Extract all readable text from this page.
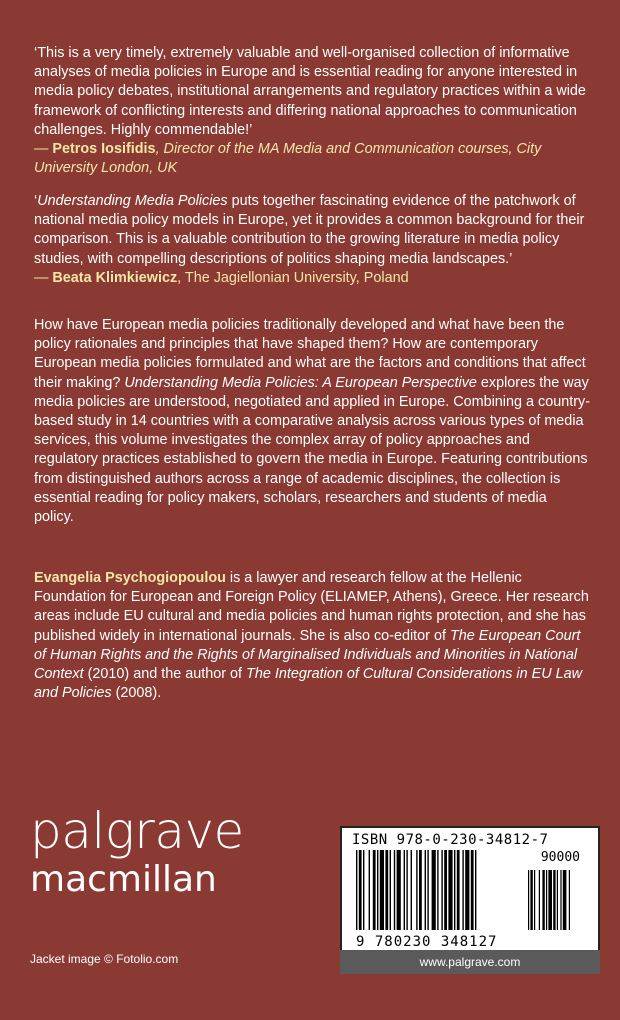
‘This is a very timely, extremely valuable and well-organised collection of informative analyses of media policies in Europe and is essential reading for anyone interested in media policy debates, institutional arrangements and regulatory practices within a wide framework of conflicting interests and differing national approaches to communication challenges. Highly commendable!’
— Petros Iosifidis, Director of the MA Media and Communication courses, City University London, UK

‘Understanding Media Policies puts together fascinating evidence of the patchwork of national media policy models in Europe, yet it provides a common background for their comparison. This is a valuable contribution to the growing literature in media policy studies, with compelling descriptions of politics shaping media landscapes.’
— Beata Klimkiewicz, The Jagiellonian University, Poland

How have European media policies traditionally developed and what have been the policy rationales and principles that have shaped them? How are contemporary European media policies formulated and what are the factors and conditions that affect their making? Understanding Media Policies: A European Perspective explores the way media policies are understood, negotiated and applied in Europe. Combining a country-based study in 14 countries with a comparative analysis across various types of media services, this volume investigates the complex array of policy approaches and regulatory practices established to govern the media in Europe. Featuring contributions from distinguished authors across a range of academic disciplines, the collection is essential reading for policy makers, scholars, researchers and students of media policy.

Evangelia Psychogiopoulou is a lawyer and research fellow at the Hellenic Foundation for European and Foreign Policy (ELIAMEP, Athens), Greece. Her research areas include EU cultural and media policies and human rights protection, and she has published widely in international journals. She is also co-editor of The European Court of Human Rights and the Rights of Marginalised Individuals and Minorities in National Context (2010) and the author of The Integration of Cultural Considerations in EU Law and Policies (2008).

palgrave
macmillan
Jacket image © Fotolio.com
ISBN 978-0-230-34812-7
90000
9 780230 348127
www.palgrave.com
